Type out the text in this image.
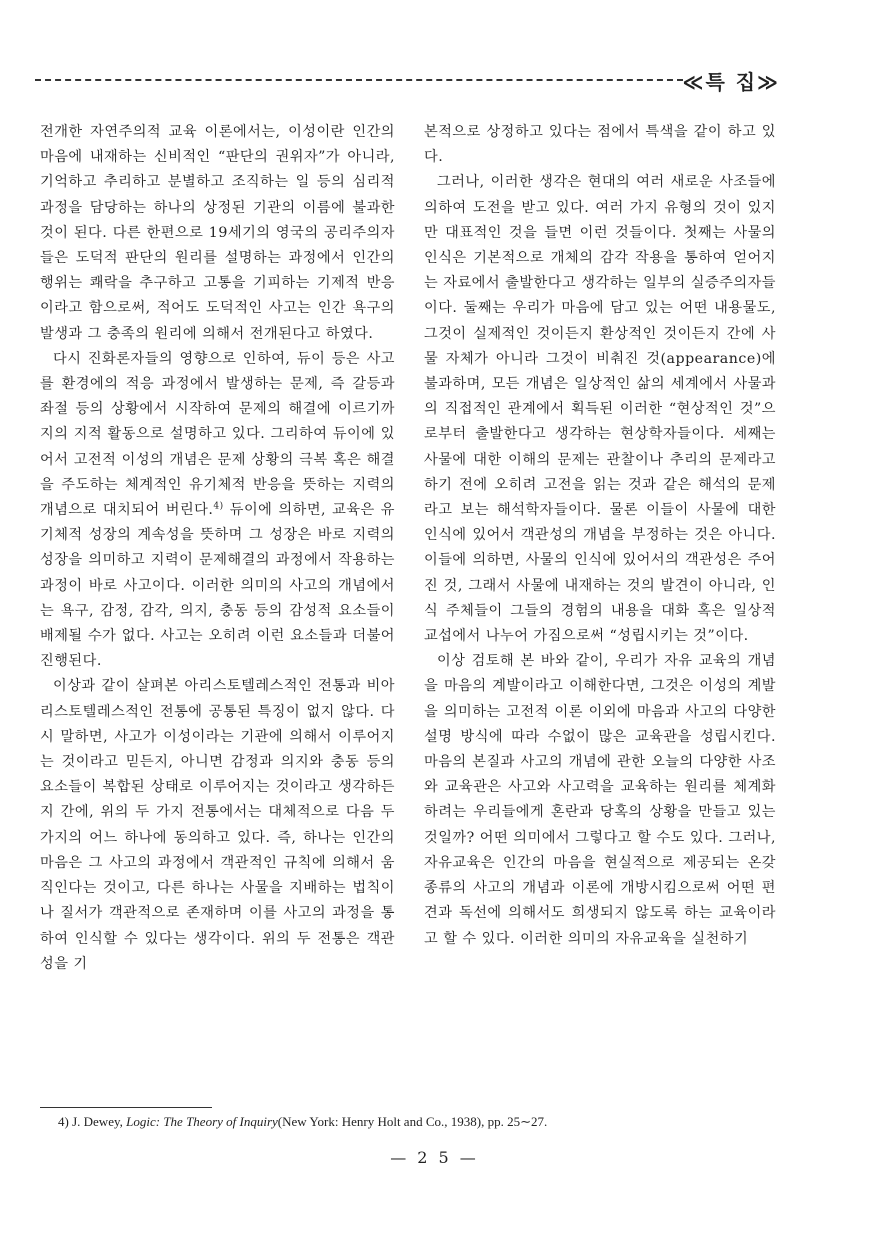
≪특 집≫

전개한 자연주의적 교육 이론에서는, 이성이란 인간의 마음에 내재하는 신비적인 “판단의 권위자”가 아니라, 기억하고 추리하고 분별하고 조직하는 일 등의 심리적 과정을 담당하는 하나의 상정된 기관의 이름에 불과한 것이 된다. 다른 한편으로 19세기의 영국의 공리주의자들은 도덕적 판단의 원리를 설명하는 과정에서 인간의 행위는 쾌락을 추구하고 고통을 기피하는 기제적 반응이라고 함으로써, 적어도 도덕적인 사고는 인간 욕구의 발생과 그 충족의 원리에 의해서 전개된다고 하였다.

다시 진화론자들의 영향으로 인하여, 듀이 등은 사고를 환경에의 적응 과정에서 발생하는 문제, 즉 갈등과 좌절 등의 상황에서 시작하여 문제의 해결에 이르기까지의 지적 활동으로 설명하고 있다. 그리하여 듀이에 있어서 고전적 이성의 개념은 문제 상황의 극복 혹은 해결을 주도하는 체계적인 유기체적 반응을 뜻하는 지력의 개념으로 대치되어 버린다.$^{4)}$ 듀이에 의하면, 교육은 유기체적 성장의 계속성을 뜻하며 그 성장은 바로 지력의 성장을 의미하고 지력이 문제해결의 과정에서 작용하는 과정이 바로 사고이다. 이러한 의미의 사고의 개념에서는 욕구, 감정, 감각, 의지, 충동 등의 감성적 요소들이 배제될 수가 없다. 사고는 오히려 이런 요소들과 더불어 진행된다.

이상과 같이 살펴본 아리스토텔레스적인 전통과 비아리스토텔레스적인 전통에 공통된 특징이 없지 않다. 다시 말하면, 사고가 이성이라는 기관에 의해서 이루어지는 것이라고 믿든지, 아니면 감정과 의지와 충동 등의 요소들이 복합된 상태로 이루어지는 것이라고 생각하든지 간에, 위의 두 가지 전통에서는 대체적으로 다음 두 가지의 어느 하나에 동의하고 있다. 즉, 하나는 인간의 마음은 그 사고의 과정에서 객관적인 규칙에 의해서 움직인다는 것이고, 다른 하나는 사물을 지배하는 법칙이나 질서가 객관적으로 존재하며 이를 사고의 과정을 통하여 인식할 수 있다는 생각이다. 위의 두 전통은 객관성을 기

본적으로 상정하고 있다는 점에서 특색을 같이 하고 있다.

그러나, 이러한 생각은 현대의 여러 새로운 사조들에 의하여 도전을 받고 있다. 여러 가지 유형의 것이 있지만 대표적인 것을 들면 이런 것들이다. 첫째는 사물의 인식은 기본적으로 개체의 감각 작용을 통하여 얻어지는 자료에서 출발한다고 생각하는 일부의 실증주의자들이다. 둘째는 우리가 마음에 담고 있는 어떤 내용물도, 그것이 실제적인 것이든지 환상적인 것이든지 간에 사물 자체가 아니라 그것이 비춰진 것(appearance)에 불과하며, 모든 개념은 일상적인 삶의 세계에서 사물과의 직접적인 관계에서 획득된 이러한 “현상적인 것”으로부터 출발한다고 생각하는 현상학자들이다. 세째는 사물에 대한 이해의 문제는 관찰이나 추리의 문제라고 하기 전에 오히려 고전을 읽는 것과 같은 해석의 문제라고 보는 해석학자들이다. 물론 이들이 사물에 대한 인식에 있어서 객관성의 개념을 부정하는 것은 아니다. 이들에 의하면, 사물의 인식에 있어서의 객관성은 주어진 것, 그래서 사물에 내재하는 것의 발견이 아니라, 인식 주체들이 그들의 경험의 내용을 대화 혹은 일상적 교섭에서 나누어 가짐으로써 “성립시키는 것”이다.

이상 검토해 본 바와 같이, 우리가 자유 교육의 개념을 마음의 계발이라고 이해한다면, 그것은 이성의 계발을 의미하는 고전적 이론 이외에 마음과 사고의 다양한 설명 방식에 따라 수없이 많은 교육관을 성립시킨다. 마음의 본질과 사고의 개념에 관한 오늘의 다양한 사조와 교육관은 사고와 사고력을 교육하는 원리를 체계화하려는 우리들에게 혼란과 당혹의 상황을 만들고 있는 것일까? 어떤 의미에서 그렇다고 할 수도 있다. 그러나, 자유교육은 인간의 마음을 현실적으로 제공되는 온갖 종류의 사고의 개념과 이론에 개방시킴으로써 어떤 편견과 독선에 의해서도 희생되지 않도록 하는 교육이라고 할 수 있다. 이러한 의미의 자유교육을 실천하기

4) J. Dewey, Logic: The Theory of Inquiry(New York: Henry Holt and Co., 1938), pp. 25∼27.
— 2 5 —
